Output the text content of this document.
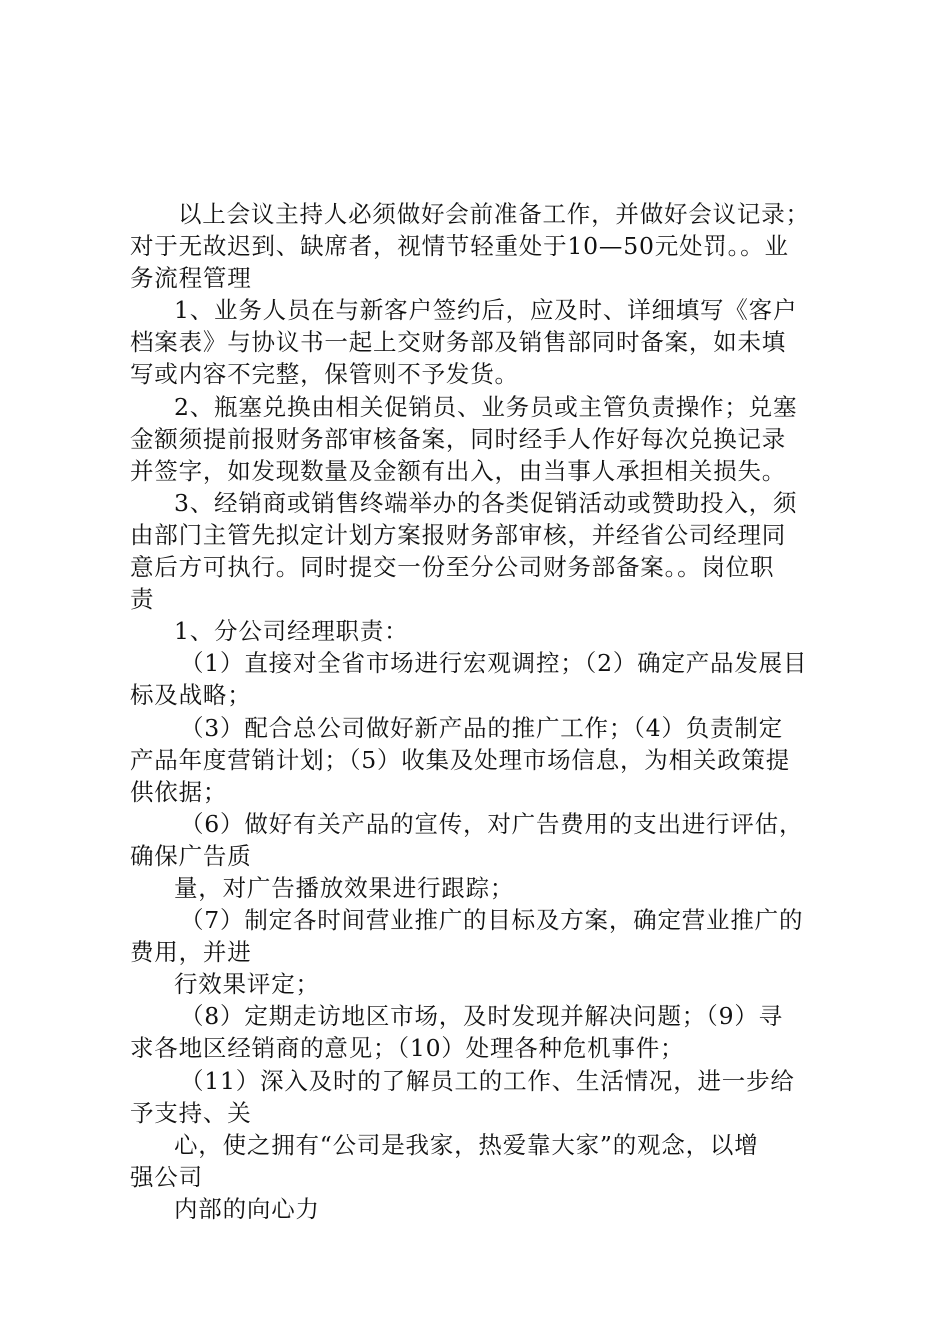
以上会议主持人必须做好会前准备工作，并做好会议记录；
对于无故迟到、缺席者，视情节轻重处于10—50元处罚。。业
务流程管理
1、业务人员在与新客户签约后，应及时、详细填写《客户
档案表》与协议书一起上交财务部及销售部同时备案，如未填
写或内容不完整，保管则不予发货。
2、瓶塞兑换由相关促销员、业务员或主管负责操作；兑塞
金额须提前报财务部审核备案，同时经手人作好每次兑换记录
并签字，如发现数量及金额有出入，由当事人承担相关损失。
3、经销商或销售终端举办的各类促销活动或赞助投入，须
由部门主管先拟定计划方案报财务部审核，并经省公司经理同
意后方可执行。同时提交一份至分公司财务部备案。。岗位职
责
1、分公司经理职责：
（1）直接对全省市场进行宏观调控；（2）确定产品发展目
标及战略；
（3）配合总公司做好新产品的推广工作；（4）负责制定
产品年度营销计划；（5）收集及处理市场信息，为相关政策提
供依据；
（6）做好有关产品的宣传，对广告费用的支出进行评估，
确保广告质
量，对广告播放效果进行跟踪；
（7）制定各时间营业推广的目标及方案，确定营业推广的
费用，并进
行效果评定；
（8）定期走访地区市场，及时发现并解决问题；（9）寻
求各地区经销商的意见；（10）处理各种危机事件；
（11）深入及时的了解员工的工作、生活情况，进一步给
予支持、关
心，使之拥有“公司是我家，热爱靠大家”的观念，以增
强公司
内部的向心力
